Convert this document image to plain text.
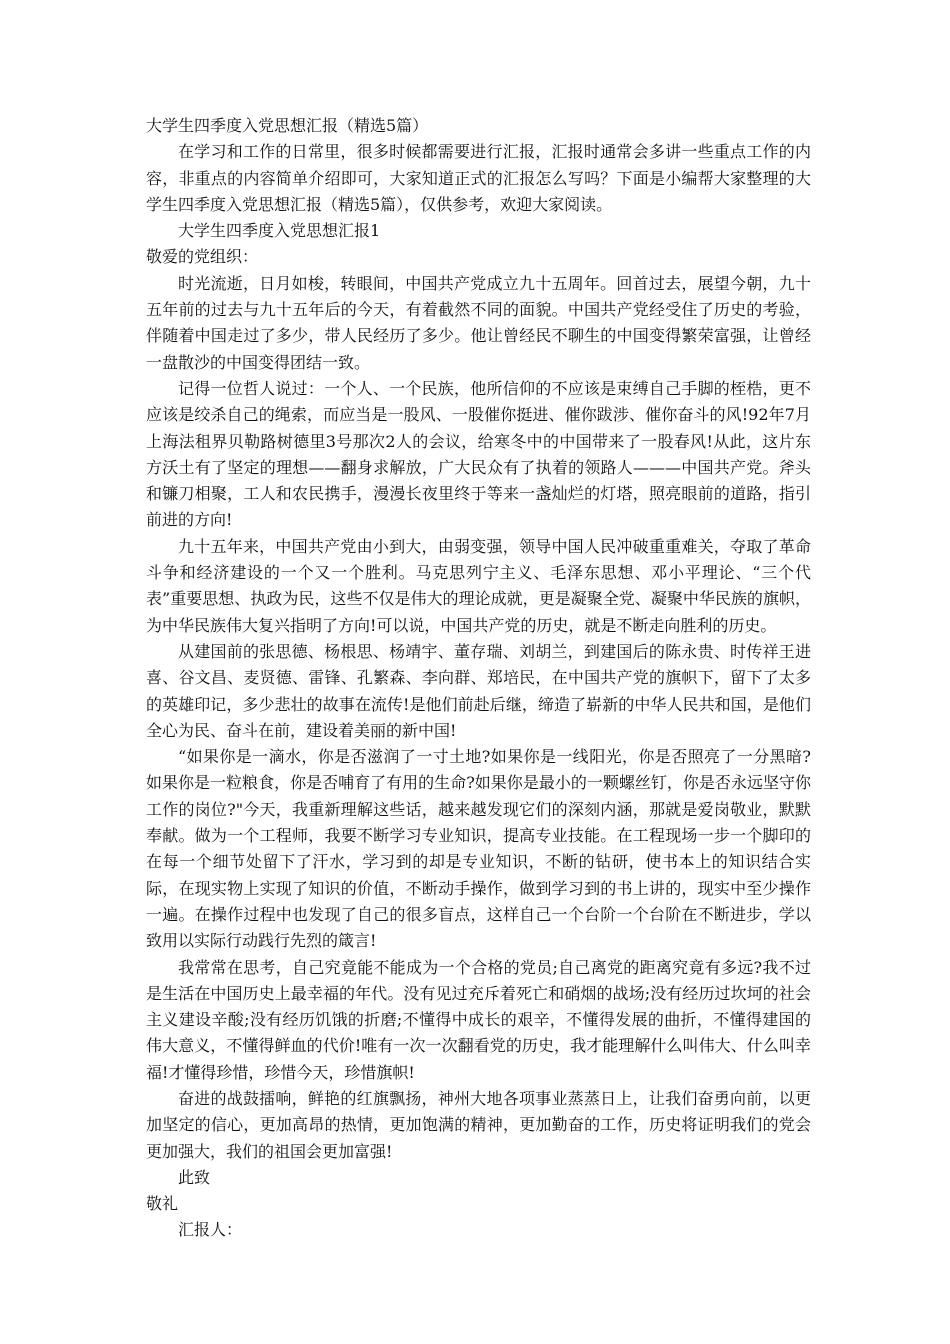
大学生四季度入党思想汇报（精选5篇）

在学习和工作的日常里，很多时候都需要进行汇报，汇报时通常会多讲一些重点工作的内容，非重点的内容简单介绍即可，大家知道正式的汇报怎么写吗？下面是小编帮大家整理的大学生四季度入党思想汇报（精选5篇），仅供参考，欢迎大家阅读。

大学生四季度入党思想汇报1

敬爱的党组织：

时光流逝，日月如梭，转眼间，中国共产党成立九十五周年。回首过去，展望今朝，九十五年前的过去与九十五年后的今天，有着截然不同的面貌。中国共产党经受住了历史的考验，伴随着中国走过了多少，带人民经历了多少。他让曾经民不聊生的中国变得繁荣富强，让曾经一盘散沙的中国变得团结一致。

记得一位哲人说过：一个人、一个民族，他所信仰的不应该是束缚自己手脚的桎梏，更不应该是绞杀自己的绳索，而应当是一股风、一股催你挺进、催你跋涉、催你奋斗的风!92年7月上海法租界贝勒路树德里3号那次2人的会议，给寒冬中的中国带来了一股春风!从此，这片东方沃土有了坚定的理想——翻身求解放，广大民众有了执着的领路人———中国共产党。斧头和镰刀相聚，工人和农民携手，漫漫长夜里终于等来一盏灿烂的灯塔，照亮眼前的道路，指引前进的方向!

九十五年来，中国共产党由小到大，由弱变强，领导中国人民冲破重重难关，夺取了革命斗争和经济建设的一个又一个胜利。马克思列宁主义、毛泽东思想、邓小平理论、“三个代表”重要思想、执政为民，这些不仅是伟大的理论成就，更是凝聚全党、凝聚中华民族的旗帜，为中华民族伟大复兴指明了方向!可以说，中国共产党的历史，就是不断走向胜利的历史。

从建国前的张思德、杨根思、杨靖宇、董存瑞、刘胡兰，到建国后的陈永贵、时传祥王进喜、谷文昌、麦贤德、雷锋、孔繁森、李向群、郑培民，在中国共产党的旗帜下，留下了太多的英雄印记，多少悲壮的故事在流传!是他们前赴后继，缔造了崭新的中华人民共和国，是他们全心为民、奋斗在前，建设着美丽的新中国!

“如果你是一滴水，你是否滋润了一寸土地?如果你是一线阳光，你是否照亮了一分黑暗?如果你是一粒粮食，你是否哺育了有用的生命?如果你是最小的一颗螺丝钉，你是否永远坚守你工作的岗位?"今天，我重新理解这些话，越来越发现它们的深刻内涵，那就是爱岗敬业，默默奉献。做为一个工程师，我要不断学习专业知识，提高专业技能。在工程现场一步一个脚印的在每一个细节处留下了汗水，学习到的却是专业知识，不断的钻研，使书本上的知识结合实际，在现实物上实现了知识的价值，不断动手操作，做到学习到的书上讲的，现实中至少操作一遍。在操作过程中也发现了自己的很多盲点，这样自己一个台阶一个台阶在不断进步，学以致用以实际行动践行先烈的箴言!

我常常在思考，自己究竟能不能成为一个合格的党员;自己离党的距离究竟有多远?我不过是生活在中国历史上最幸福的年代。没有见过充斥着死亡和硝烟的战场;没有经历过坎坷的社会主义建设辛酸;没有经历饥饿的折磨;不懂得中成长的艰辛，不懂得发展的曲折，不懂得建国的伟大意义，不懂得鲜血的代价!唯有一次一次翻看党的历史，我才能理解什么叫伟大、什么叫幸福!才懂得珍惜，珍惜今天，珍惜旗帜!

奋进的战鼓擂响，鲜艳的红旗飘扬，神州大地各项事业蒸蒸日上，让我们奋勇向前，以更加坚定的信心，更加高昂的热情，更加饱满的精神，更加勤奋的工作，历史将证明我们的党会更加强大，我们的祖国会更加富强!

此致

敬礼

汇报人：
